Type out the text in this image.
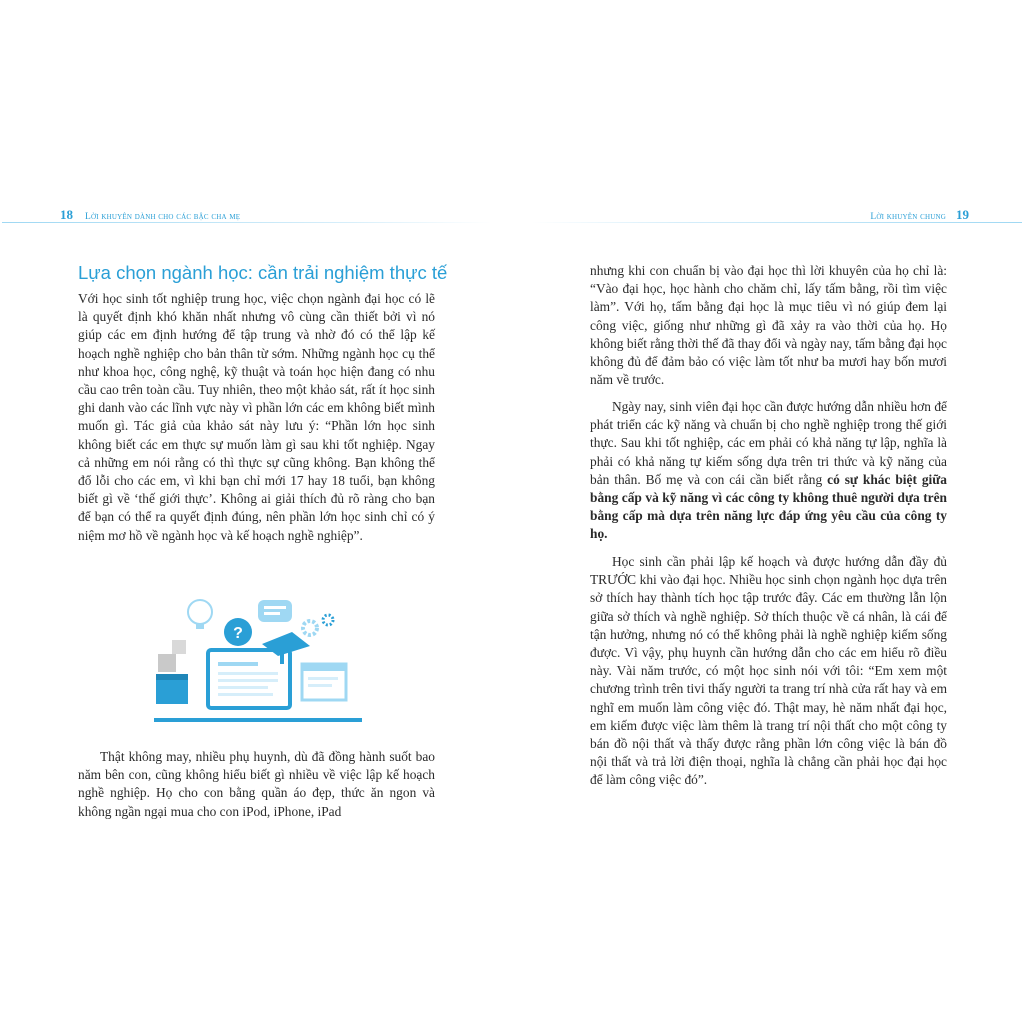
18 Lời khuyên dành cho các bậc cha mẹ
Lựa chọn ngành học: cần trải nghiệm thực tế

Với học sinh tốt nghiệp trung học, việc chọn ngành đại học có lẽ là quyết định khó khăn nhất nhưng vô cùng cần thiết bởi vì nó giúp các em định hướng để tập trung và nhờ đó có thể lập kế hoạch nghề nghiệp cho bản thân từ sớm. Những ngành học cụ thể như khoa học, công nghệ, kỹ thuật và toán học hiện đang có nhu cầu cao trên toàn cầu. Tuy nhiên, theo một khảo sát, rất ít học sinh ghi danh vào các lĩnh vực này vì phần lớn các em không biết mình muốn gì. Tác giả của khảo sát này lưu ý: “Phần lớn học sinh không biết các em thực sự muốn làm gì sau khi tốt nghiệp. Ngay cả những em nói rằng có thì thực sự cũng không. Bạn không thể đổ lỗi cho các em, vì khi bạn chỉ mới 17 hay 18 tuổi, bạn không biết gì về ‘thế giới thực’. Không ai giải thích đủ rõ ràng cho bạn để bạn có thể ra quyết định đúng, nên phần lớn học sinh chỉ có ý niệm mơ hồ về ngành học và kế hoạch nghề nghiệp”.

?

Thật không may, nhiều phụ huynh, dù đã đồng hành suốt bao năm bên con, cũng không hiểu biết gì nhiều về việc lập kế hoạch nghề nghiệp. Họ cho con bằng quần áo đẹp, thức ăn ngon và không ngần ngại mua cho con iPod, iPhone, iPad

Lời khuyên chung 19

nhưng khi con chuẩn bị vào đại học thì lời khuyên của họ chỉ là: “Vào đại học, học hành cho chăm chỉ, lấy tấm bằng, rồi tìm việc làm”. Với họ, tấm bằng đại học là mục tiêu vì nó giúp đem lại công việc, giống như những gì đã xảy ra vào thời của họ. Họ không biết rằng thời thế đã thay đổi và ngày nay, tấm bằng đại học không đủ để đảm bảo có việc làm tốt như ba mươi hay bốn mươi năm về trước.

Ngày nay, sinh viên đại học cần được hướng dẫn nhiều hơn để phát triển các kỹ năng và chuẩn bị cho nghề nghiệp trong thế giới thực. Sau khi tốt nghiệp, các em phải có khả năng tự lập, nghĩa là phải có khả năng tự kiếm sống dựa trên tri thức và kỹ năng của bản thân. Bố mẹ và con cái cần biết rằng có sự khác biệt giữa bằng cấp và kỹ năng vì các công ty không thuê người dựa trên bằng cấp mà dựa trên năng lực đáp ứng yêu cầu của công ty họ.

Học sinh cần phải lập kế hoạch và được hướng dẫn đầy đủ TRƯỚC khi vào đại học. Nhiều học sinh chọn ngành học dựa trên sở thích hay thành tích học tập trước đây. Các em thường lẫn lộn giữa sở thích và nghề nghiệp. Sở thích thuộc về cá nhân, là cái để tận hưởng, nhưng nó có thể không phải là nghề nghiệp kiếm sống được. Vì vậy, phụ huynh cần hướng dẫn cho các em hiểu rõ điều này. Vài năm trước, có một học sinh nói với tôi: “Em xem một chương trình trên tivi thấy người ta trang trí nhà cửa rất hay và em nghĩ em muốn làm công việc đó. Thật may, hè năm nhất đại học, em kiếm được việc làm thêm là trang trí nội thất cho một công ty bán đồ nội thất và thấy được rằng phần lớn công việc là bán đồ nội thất và trả lời điện thoại, nghĩa là chẳng cần phải học đại học để làm công việc đó”.
